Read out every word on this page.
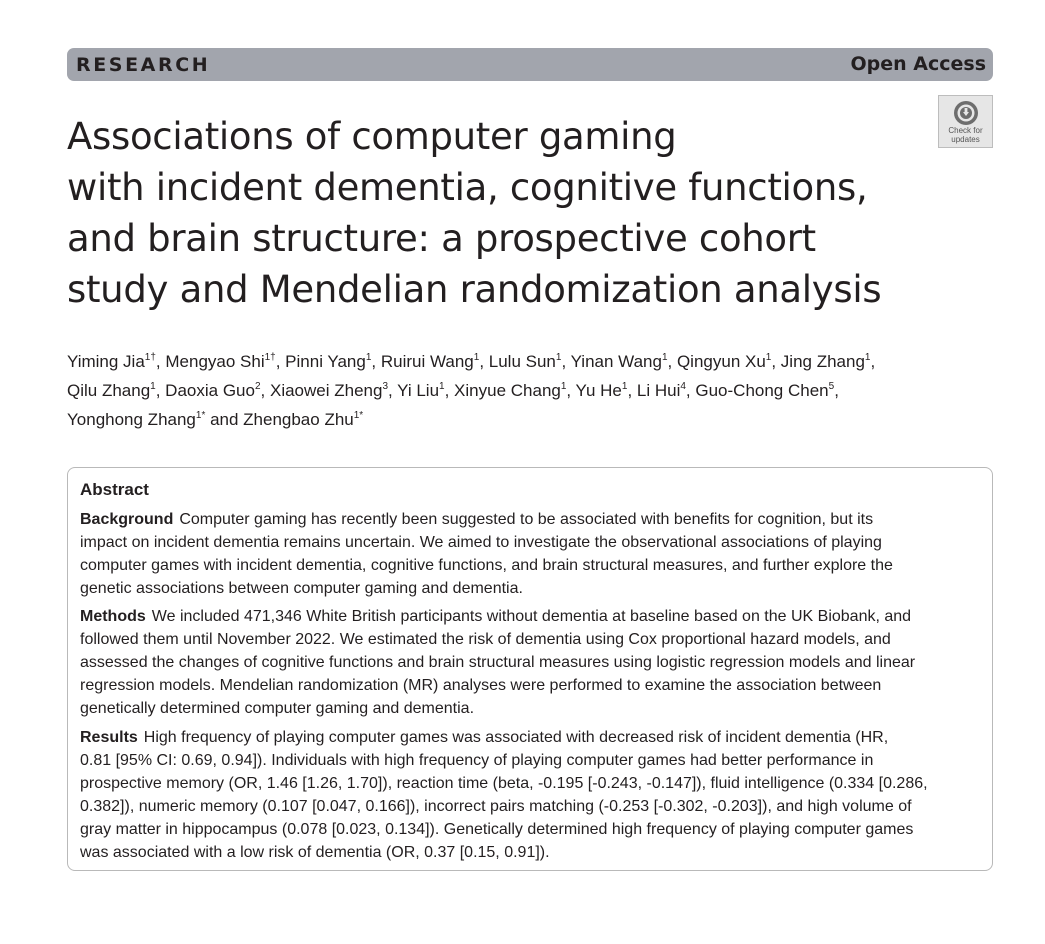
RESEARCH	Open Access
Check for
updates
Associations of computer gaming
with incident dementia, cognitive functions,
and brain structure: a prospective cohort
study and Mendelian randomization analysis
Yiming Jia$^{1\dagger}$, Mengyao Shi$^{1\dagger}$, Pinni Yang$^1$, Ruirui Wang$^1$, Lulu Sun$^1$, Yinan Wang$^1$, Qingyun Xu$^1$, Jing Zhang$^1$,
Qilu Zhang$^1$, Daoxia Guo$^2$, Xiaowei Zheng$^3$, Yi Liu$^1$, Xinyue Chang$^1$, Yu He$^1$, Li Hui$^4$, Guo-Chong Chen$^5$,
Yonghong Zhang$^{1*}$ and Zhengbao Zhu$^{1*}$
Abstract
Background Computer gaming has recently been suggested to be associated with benefits for cognition, but its
impact on incident dementia remains uncertain. We aimed to investigate the observational associations of playing
computer games with incident dementia, cognitive functions, and brain structural measures, and further explore the
genetic associations between computer gaming and dementia.
Methods We included 471,346 White British participants without dementia at baseline based on the UK Biobank, and
followed them until November 2022. We estimated the risk of dementia using Cox proportional hazard models, and
assessed the changes of cognitive functions and brain structural measures using logistic regression models and linear
regression models. Mendelian randomization (MR) analyses were performed to examine the association between
genetically determined computer gaming and dementia.
Results High frequency of playing computer games was associated with decreased risk of incident dementia (HR,
0.81 [95% CI: 0.69, 0.94]). Individuals with high frequency of playing computer games had better performance in
prospective memory (OR, 1.46 [1.26, 1.70]), reaction time (beta, -0.195 [-0.243, -0.147]), fluid intelligence (0.334 [0.286,
0.382]), numeric memory (0.107 [0.047, 0.166]), incorrect pairs matching (-0.253 [-0.302, -0.203]), and high volume of
gray matter in hippocampus (0.078 [0.023, 0.134]). Genetically determined high frequency of playing computer games
was associated with a low risk of dementia (OR, 0.37 [0.15, 0.91]).
